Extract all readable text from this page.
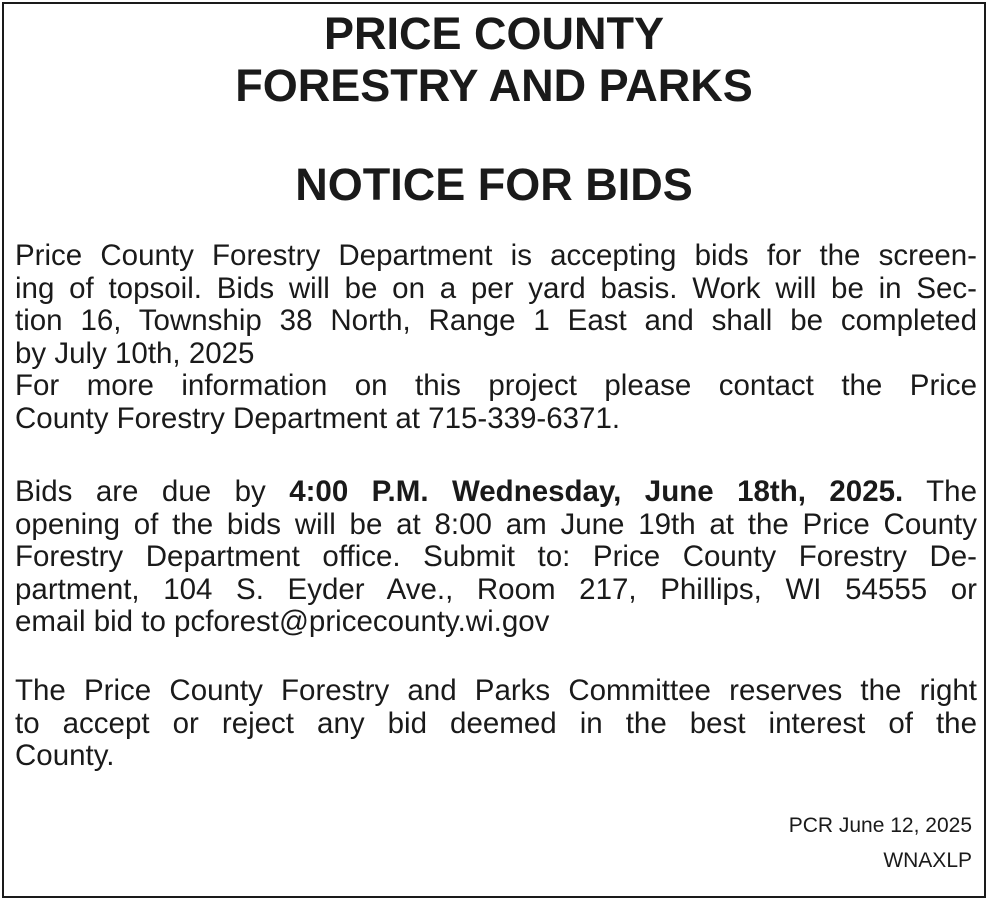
PRICE COUNTY
FORESTRY AND PARKS
NOTICE FOR BIDS
Price County Forestry Department is accepting bids for the screen-
ing of topsoil. Bids will be on a per yard basis. Work will be in Sec-
tion 16, Township 38 North, Range 1 East and shall be completed
by July 10th, 2025
For more information on this project please contact the Price
County Forestry Department at 715-339-6371.
Bids are due by 4:00 P.M. Wednesday, June 18th, 2025. The
opening of the bids will be at 8:00 am June 19th at the Price County
Forestry Department office. Submit to: Price County Forestry De-
partment, 104 S. Eyder Ave., Room 217, Phillips, WI 54555 or
email bid to pcforest@pricecounty.wi.gov
The Price County Forestry and Parks Committee reserves the right
to accept or reject any bid deemed in the best interest of the
County.
PCR June 12, 2025
WNAXLP
